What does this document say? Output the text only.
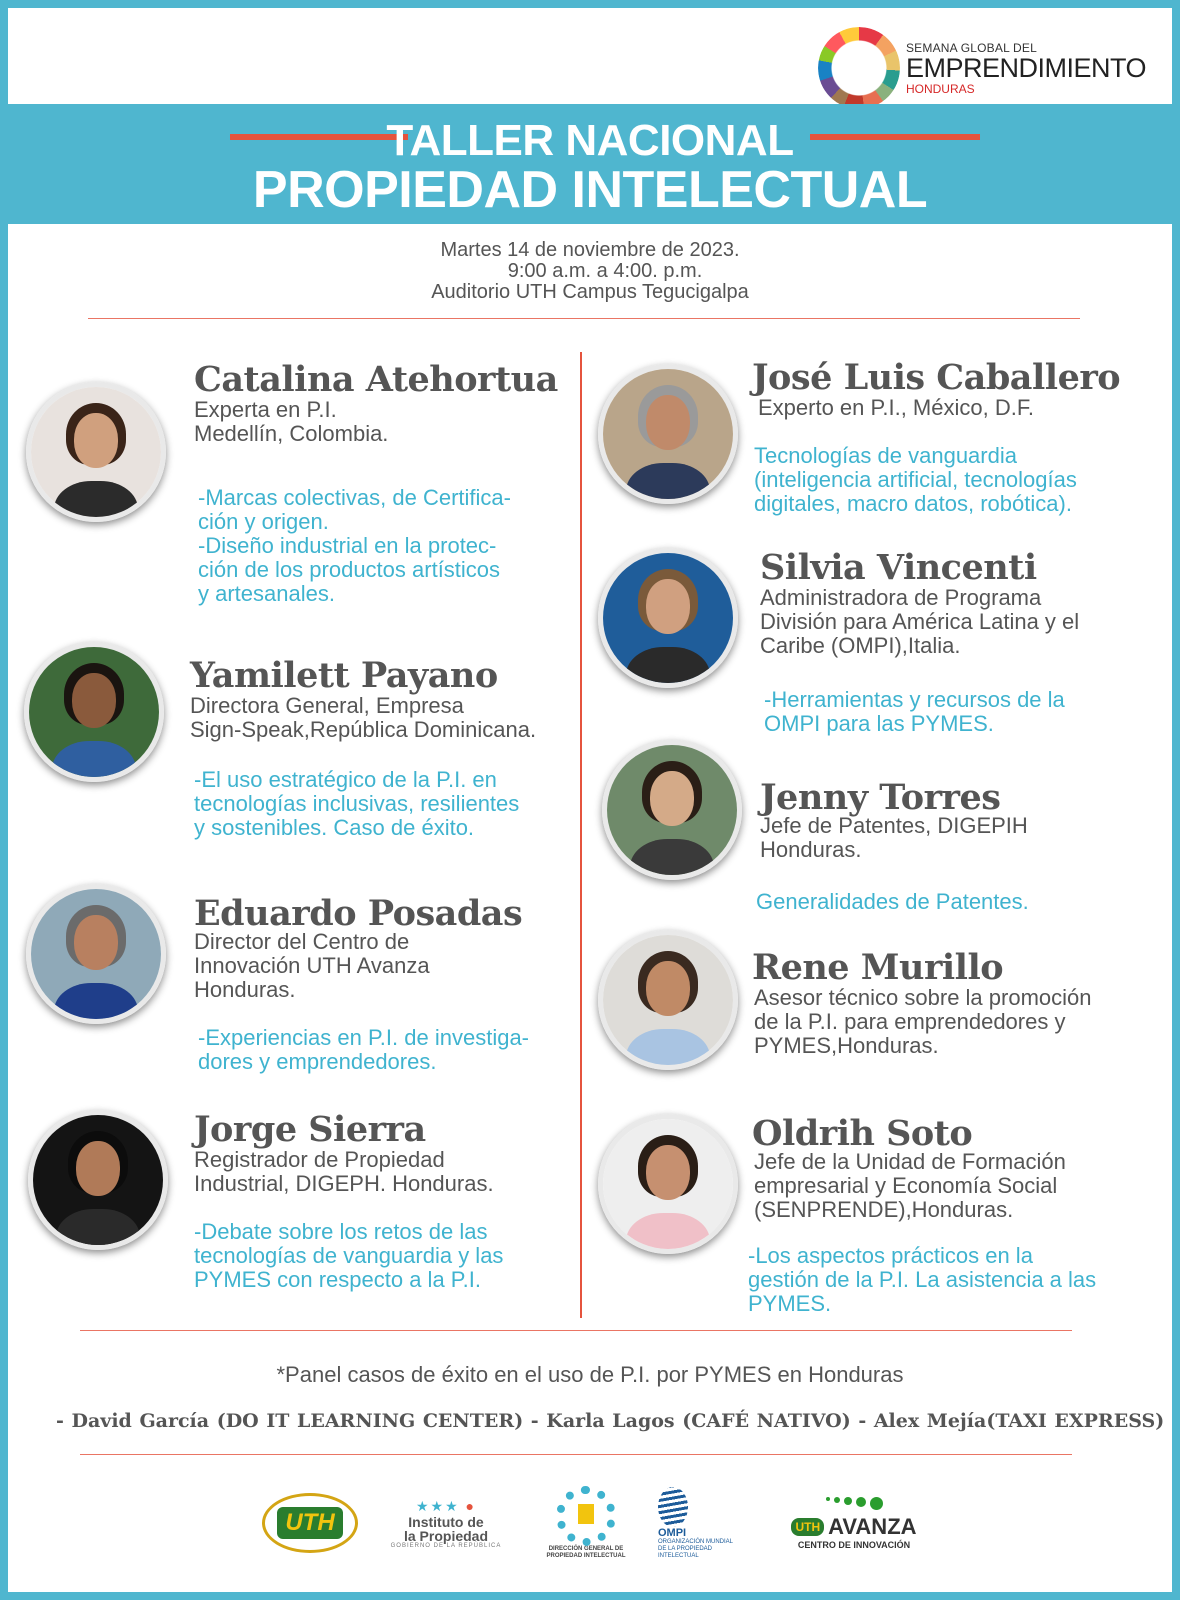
SEMANA GLOBAL DEL
EMPRENDIMIENTO
HONDURAS
TALLER NACIONAL
PROPIEDAD INTELECTUAL
Martes 14 de noviembre de 2023.
9:00 a.m. a 4:00. p.m.
Auditorio UTH Campus Tegucigalpa
Catalina Atehortua
Experta en P.I.
Medellín, Colombia.
-Marcas colectivas, de Certifica-
ción y origen.
-Diseño industrial en la protec-
ción de los productos artísticos
y artesanales.
Yamilett Payano
Directora General, Empresa
Sign-Speak,República Dominicana.
-El uso estratégico de la P.I. en
tecnologías inclusivas, resilientes
y sostenibles. Caso de éxito.
Eduardo Posadas
Director del Centro de
Innovación UTH Avanza
Honduras.
-Experiencias en P.I. de investiga-
dores y emprendedores.
Jorge Sierra
Registrador de Propiedad
Industrial, DIGEPH. Honduras.
-Debate sobre los retos de las
tecnologías de vanguardia y las
PYMES con respecto a la P.I.
José Luis Caballero
Experto en P.I., México, D.F.
Tecnologías de vanguardia
(inteligencia artificial, tecnologías
digitales, macro datos, robótica).
Silvia Vincenti
Administradora de Programa
División para América Latina y el
Caribe (OMPI),Italia.
-Herramientas y recursos de la
OMPI para las PYMES.
Jenny Torres
Jefe de Patentes, DIGEPIH
Honduras.
Generalidades de Patentes.
Rene Murillo
Asesor técnico sobre la promoción
de la P.I. para emprendedores y
PYMES,Honduras.
Oldrih Soto
Jefe de la Unidad de Formación
empresarial y Economía Social
(SENPRENDE),Honduras.
-Los aspectos prácticos en la
gestión de la P.I. La asistencia a las
PYMES.
*Panel casos de éxito en el uso de P.I. por PYMES en Honduras
- David García (DO IT LEARNING CENTER) - Karla Lagos (CAFÉ NATIVO) - Alex Mejía(TAXI EXPRESS)
UTH
★★★ ●
Instituto de
la Propiedad
GOBIERNO DE LA REPÚBLICA
DIRECCIÓN GENERAL DE
PROPIEDAD INTELECTUAL
OMPI
ORGANIZACIÓN MUNDIAL
DE LA PROPIEDAD
INTELECTUAL
UTH AVANZA
CENTRO DE INNOVACIÓN
